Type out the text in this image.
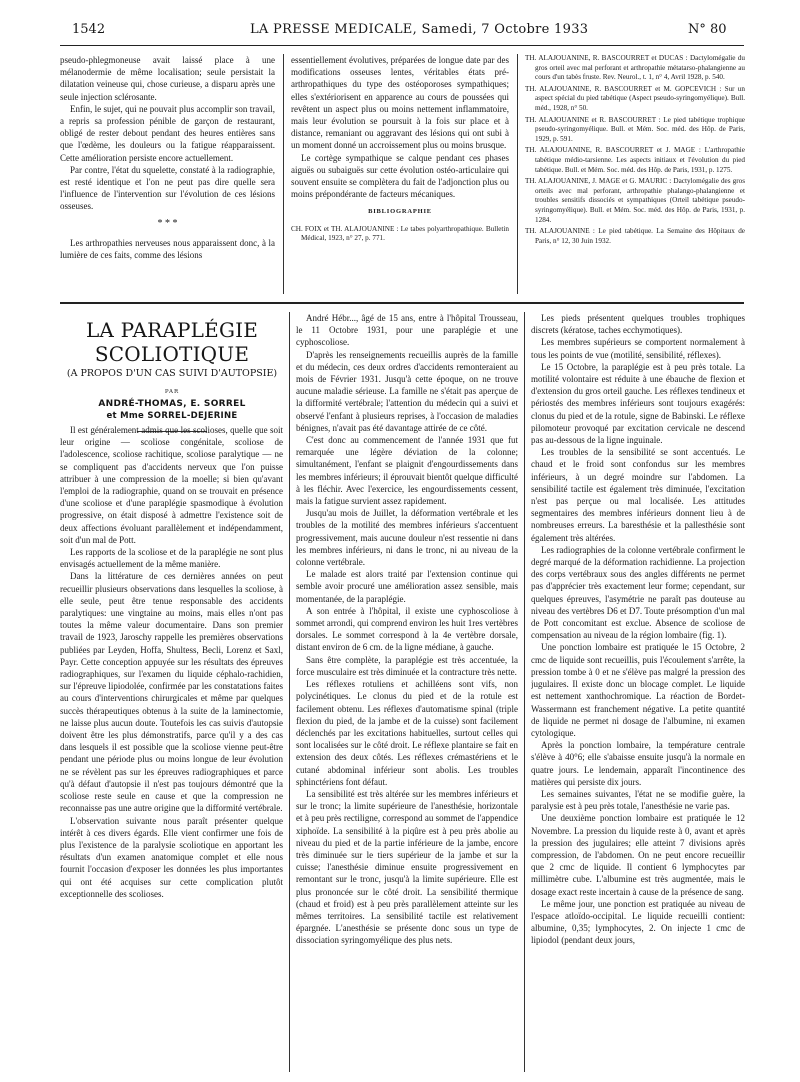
1542	LA PRESSE MEDICALE, Samedi, 7 Octobre 1933	N° 80

pseudo-phlegmoneuse avait laissé place à une mélanodermie de même localisation; seule persistait la dilatation veineuse qui, chose curieuse, a disparu après une seule injection sclérosante.

Enfin, le sujet, qui ne pouvait plus accomplir son travail, a repris sa profession pénible de garçon de restaurant, obligé de rester debout pendant des heures entières sans que l'œdème, les douleurs ou la fatigue réapparaissent. Cette amélioration persiste encore actuellement.

Par contre, l'état du squelette, constaté à la radiographie, est resté identique et l'on ne peut pas dire quelle sera l'influence de l'intervention sur l'évolution de ces lésions osseuses.

* * *

Les arthropathies nerveuses nous apparaissent donc, à la lumière de ces faits, comme des lésions

essentiellement évolutives, préparées de longue date par des modifications osseuses lentes, véritables états pré-arthropathiques du type des ostéoporoses sympathiques; elles s'extériorisent en apparence au cours de poussées qui revêtent un aspect plus ou moins nettement inflammatoire, mais leur évolution se poursuit à la fois sur place et à distance, remaniant ou aggravant des lésions qui ont subi à un moment donné un accroissement plus ou moins brusque.

Le cortège sympathique se calque pendant ces phases aiguës ou subaiguës sur cette évolution ostéo-articulaire qui souvent ensuite se complètera du fait de l'adjonction plus ou moins prépondérante de facteurs mécaniques.

BIBLIOGRAPHIE

CH. FOIX et TH. ALAJOUANINE : Le tabes polyarthropathique. Bulletin Médical, 1923, n° 27, p. 771.

TH. ALAJOUANINE, R. BASCOURRET et DUCAS : Dactylomégalie du gros orteil avec mal perforant et arthropathie métatarso-phalangienne au cours d'un tabès fruste. Rev. Neurol., t. 1, n° 4, Avril 1928, p. 540.

TH. ALAJOUANINE, R. BASCOURRET et M. GOPCEVICH : Sur un aspect spécial du pied tabétique (Aspect pseudo-syringomyélique). Bull. méd., 1928, n° 50.

TH. ALAJOUANINE et R. BASCOURRET : Le pied tabétique trophique pseudo-syringomyélique. Bull. et Mém. Soc. méd. des Hôp. de Paris, 1929, p. 591.

TH. ALAJOUANINE, R. BASCOURRET et J. MAGE : L'arthropathie tabétique médio-tarsienne. Les aspects initiaux et l'évolution du pied tabétique. Bull. et Mém. Soc. méd. des Hôp. de Paris, 1931, p. 1275.

TH. ALAJOUANINE, J. MAGE et G. MAURIC : Dactylomégalie des gros orteils avec mal perforant, arthropathie phalango-phalangienne et troubles sensitifs dissociés et sympathiques (Orteil tabétique pseudo-syringomyélique). Bull. et Mém. Soc. méd. des Hôp. de Paris, 1931, p. 1284.

TH. ALAJOUANINE : Le pied tabétique. La Semaine des Hôpitaux de Paris, n° 12, 30 Juin 1932.

LA PARAPLÉGIE SCOLIOTIQUE
(A PROPOS D'UN CAS SUIVI D'AUTOPSIE)
PAR
ANDRÉ-THOMAS, E. SORREL
et Mme SORREL-DEJERINE

Il est généralement admis que les scolioses, quelle que soit leur origine — scoliose congénitale, scoliose de l'adolescence, scoliose rachitique, scoliose paralytique — ne se compliquent pas d'accidents nerveux que l'on puisse attribuer à une compression de la moelle; si bien qu'avant l'emploi de la radiographie, quand on se trouvait en présence d'une scoliose et d'une paraplégie spasmodique à évolution progressive, on était disposé à admettre l'existence soit de deux affections évoluant parallèlement et indépendamment, soit d'un mal de Pott.

Les rapports de la scoliose et de la paraplégie ne sont plus envisagés actuellement de la même manière.

Dans la littérature de ces dernières années on peut recueillir plusieurs observations dans lesquelles la scoliose, à elle seule, peut être tenue responsable des accidents paralytiques: une vingtaine au moins, mais elles n'ont pas toutes la même valeur documentaire. Dans son premier travail de 1923, Jaroschy rappelle les premières observations publiées par Leyden, Hoffa, Shultess, Becli, Lorenz et Saxl, Payr. Cette conception appuyée sur les résultats des épreuves radiographiques, sur l'examen du liquide céphalo-rachidien, sur l'épreuve lipiodolée, confirmée par les constatations faites au cours d'interventions chirurgicales et même par quelques succès thérapeutiques obtenus à la suite de la laminectomie, ne laisse plus aucun doute. Toutefois les cas suivis d'autopsie doivent être les plus démonstratifs, parce qu'il y a des cas dans lesquels il est possible que la scoliose vienne peut-être pendant une période plus ou moins longue de leur évolution ne se révèlent pas sur les épreuves radiographiques et parce qu'à défaut d'autopsie il n'est pas toujours démontré que la scoliose reste seule en cause et que la compression ne reconnaisse pas une autre origine que la difformité vertébrale.

L'observation suivante nous paraît présenter quelque intérêt à ces divers égards. Elle vient confirmer une fois de plus l'existence de la paralysie scoliotique en apportant les résultats d'un examen anatomique complet et elle nous fournit l'occasion d'exposer les données les plus importantes qui ont été acquises sur cette complication plutôt exceptionnelle des scolioses.

André Hébr..., âgé de 15 ans, entre à l'hôpital Trousseau, le 11 Octobre 1931, pour une paraplégie et une cyphoscoliose.

D'après les renseignements recueillis auprès de la famille et du médecin, ces deux ordres d'accidents remonteraient au mois de Février 1931. Jusqu'à cette époque, on ne trouve aucune maladie sérieuse. La famille ne s'était pas aperçue de la difformité vertébrale; l'attention du médecin qui a suivi et observé l'enfant à plusieurs reprises, à l'occasion de maladies bénignes, n'avait pas été davantage attirée de ce côté.

C'est donc au commencement de l'année 1931 que fut remarquée une légère déviation de la colonne; simultanément, l'enfant se plaignit d'engourdissements dans les membres inférieurs; il éprouvait bientôt quelque difficulté à les fléchir. Avec l'exercice, les engourdissements cessent, mais la fatigue survient assez rapidement.

Jusqu'au mois de Juillet, la déformation vertébrale et les troubles de la motilité des membres inférieurs s'accentuent progressivement, mais aucune douleur n'est ressentie ni dans les membres inférieurs, ni dans le tronc, ni au niveau de la colonne vertébrale.

Le malade est alors traité par l'extension continue qui semble avoir procuré une amélioration assez sensible, mais momentanée, de la paraplégie.

A son entrée à l'hôpital, il existe une cyphoscoliose à sommet arrondi, qui comprend environ les huit 1res vertèbres dorsales. Le sommet correspond à la 4e vertèbre dorsale, distant environ de 6 cm. de la ligne médiane, à gauche.

Sans être complète, la paraplégie est très accentuée, la force musculaire est très diminuée et la contracture très nette.

Les réflexes rotuliens et achilléens sont vifs, non polycinétiques. Le clonus du pied et de la rotule est facilement obtenu. Les réflexes d'automatisme spinal (triple flexion du pied, de la jambe et de la cuisse) sont facilement déclenchés par les excitations habituelles, surtout celles qui sont localisées sur le côté droit. Le réflexe plantaire se fait en extension des deux côtés. Les réflexes crémastériens et le cutané abdominal inférieur sont abolis. Les troubles sphinctériens font défaut.

La sensibilité est très altérée sur les membres inférieurs et sur le tronc; la limite supérieure de l'anesthésie, horizontale et à peu près rectiligne, correspond au sommet de l'appendice xiphoïde. La sensibilité à la piqûre est à peu près abolie au niveau du pied et de la partie inférieure de la jambe, encore très diminuée sur le tiers supérieur de la jambe et sur la cuisse; l'anesthésie diminue ensuite progressivement en remontant sur le tronc, jusqu'à la limite supérieure. Elle est plus prononcée sur le côté droit. La sensibilité thermique (chaud et froid) est à peu près parallèlement atteinte sur les mêmes territoires. La sensibilité tactile est relativement épargnée. L'anesthésie se présente donc sous un type de dissociation syringomyélique des plus nets.

Les pieds présentent quelques troubles trophiques discrets (kératose, taches ecchymotiques).

Les membres supérieurs se comportent normalement à tous les points de vue (motilité, sensibilité, réflexes).

Le 15 Octobre, la paraplégie est à peu près totale. La motilité volontaire est réduite à une ébauche de flexion et d'extension du gros orteil gauche. Les réflexes tendineux et périostés des membres inférieurs sont toujours exagérés: clonus du pied et de la rotule, signe de Babinski. Le réflexe pilomoteur provoqué par excitation cervicale ne descend pas au-dessous de la ligne inguinale.

Les troubles de la sensibilité se sont accentués. Le chaud et le froid sont confondus sur les membres inférieurs, à un degré moindre sur l'abdomen. La sensibilité tactile est également très diminuée, l'excitation n'est pas perçue ou mal localisée. Les attitudes segmentaires des membres inférieurs donnent lieu à de nombreuses erreurs. La baresthésie et la pallesthésie sont également très altérées.

Les radiographies de la colonne vertébrale confirment le degré marqué de la déformation rachidienne. La projection des corps vertébraux sous des angles différents ne permet pas d'apprécier très exactement leur forme; cependant, sur quelques épreuves, l'asymétrie ne paraît pas douteuse au niveau des vertèbres D6 et D7. Toute présomption d'un mal de Pott concomitant est exclue. Absence de scoliose de compensation au niveau de la région lombaire (fig. 1).

Une ponction lombaire est pratiquée le 15 Octobre, 2 cmc de liquide sont recueillis, puis l'écoulement s'arrête, la pression tombe à 0 et ne s'élève pas malgré la pression des jugulaires. Il existe donc un blocage complet. Le liquide est nettement xanthochromique. La réaction de Bordet-Wassermann est franchement négative. La petite quantité de liquide ne permet ni dosage de l'albumine, ni examen cytologique.

Après la ponction lombaire, la température centrale s'élève à 40°6; elle s'abaisse ensuite jusqu'à la normale en quatre jours. Le lendemain, apparaît l'incontinence des matières qui persiste dix jours.

Les semaines suivantes, l'état ne se modifie guère, la paralysie est à peu près totale, l'anesthésie ne varie pas.

Une deuxième ponction lombaire est pratiquée le 12 Novembre. La pression du liquide reste à 0, avant et après la pression des jugulaires; elle atteint 7 divisions après compression, de l'abdomen. On ne peut encore recueillir que 2 cmc de liquide. Il contient 6 lymphocytes par millimètre cube. L'albumine est très augmentée, mais le dosage exact reste incertain à cause de la présence de sang.

Le même jour, une ponction est pratiquée au niveau de l'espace atloïdo-occipital. Le liquide recueilli contient: albumine, 0,35; lymphocytes, 2. On injecte 1 cmc de lipiodol (pendant deux jours,
